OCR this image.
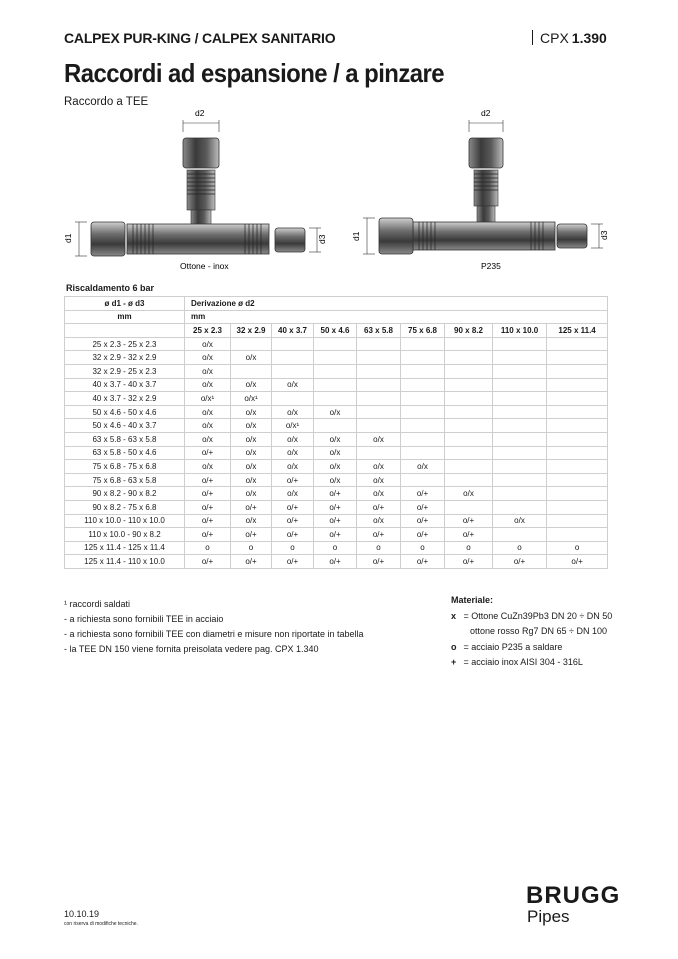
CALPEX PUR-KING / CALPEX SANITARIO	CPX 1.390
Raccordi ad espansione / a pinzare
Raccordo a TEE
d2
d1	d3
Ottone - inox
d2
d1	d3
P235
Riscaldamento 6 bar
ø d1 - ø d3	Derivazione ø d2								
mm	mm								
	25 x 2.3	32 x 2.9	40 x 3.7	50 x 4.6	63 x 5.8	75 x 6.8	90 x 8.2	110 x 10.0	125 x 11.4
25 x 2.3 - 25 x 2.3	o/x								
32 x 2.9 - 32 x 2.9	o/x	o/x							
32 x 2.9 - 25 x 2.3	o/x								
40 x 3.7 - 40 x 3.7	o/x	o/x	o/x						
40 x 3.7 - 32 x 2.9	o/x¹	o/x¹							
50 x 4.6 - 50 x 4.6	o/x	o/x	o/x	o/x					
50 x 4.6 - 40 x 3.7	o/x	o/x	o/x¹						
63 x 5.8 - 63 x 5.8	o/x	o/x	o/x	o/x	o/x				
63 x 5.8 - 50 x 4.6	o/+	o/x	o/x	o/x					
75 x 6.8 - 75 x 6.8	o/x	o/x	o/x	o/x	o/x	o/x			
75 x 6.8 - 63 x 5.8	o/+	o/x	o/+	o/x	o/x				
90 x 8.2 - 90 x 8.2	o/+	o/x	o/x	o/+	o/x	o/+	o/x		
90 x 8.2 - 75 x 6.8	o/+	o/+	o/+	o/+	o/+	o/+			
110 x 10.0 - 110 x 10.0	o/+	o/x	o/+	o/+	o/x	o/+	o/+	o/x	
110 x 10.0 - 90 x 8.2	o/+	o/+	o/+	o/+	o/+	o/+	o/+		
125 x 11.4 - 125 x 11.4	o	o	o	o	o	o	o	o	o
125 x 11.4 - 110 x 10.0	o/+	o/+	o/+	o/+	o/+	o/+	o/+	o/+	o/+
¹ raccordi saldati
- a richiesta sono fornibili TEE in acciaio
- a richiesta sono fornibili TEE con diametri e misure non riportate in tabella
- la TEE DN 150 viene fornita preisolata vedere pag. CPX 1.340
Materiale:
x = Ottone CuZn39Pb3 DN 20 ÷ DN 50
ottone rosso Rg7 DN 65 ÷ DN 100
o = acciaio P235 a saldare
+ = acciaio inox AISI 304 - 316L
10.10.19
con riserva di modifiche tecniche.
BRUGG
Pipes
